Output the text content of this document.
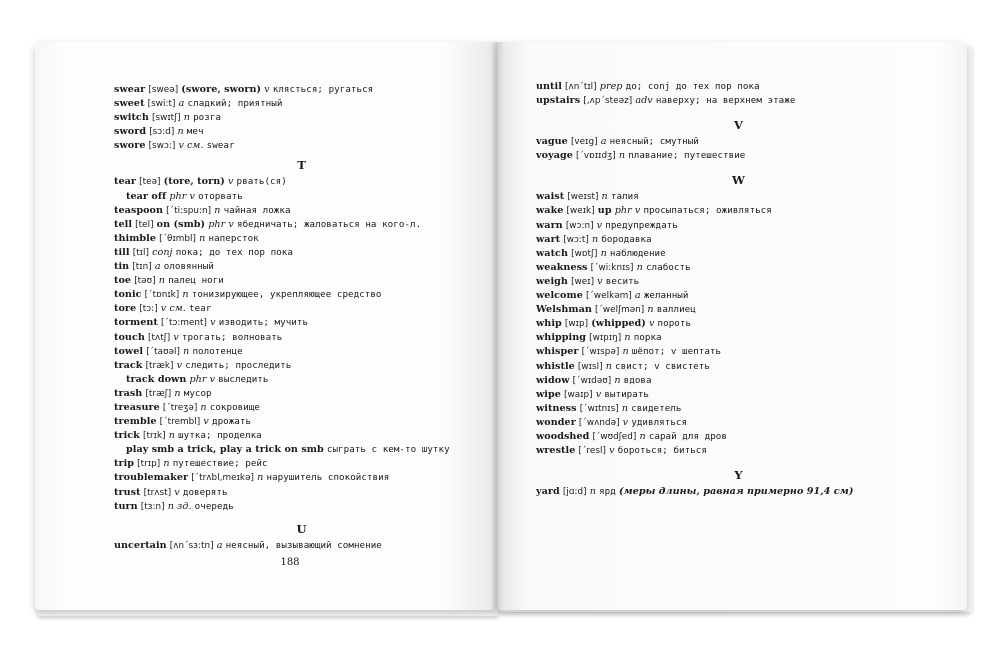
swear [sweə] (swore, sworn) v клясться; ругаться
sweet [swi:t] a сладкий; приятный
switch [swɪtʃ] n розга
sword [sɔ:d] n меч
swore [swɔ:] v см. swear
T
tear [teə] (tore, torn) v рвать(ся)
tear off phr v оторвать
teaspoon [´ti:spu:n] n чайная ложка
tell [tel] on (smb) phr v ябедничать; жаловаться на кого-л.
thimble [´θɪmbl] n наперсток
till [tɪl] conj пока; до тех пор пока
tin [tɪn] a оловянный
toe [təʊ] n палец ноги
tonic [´tɒnɪk] n тонизирующее, укрепляющее средство
tore [tɔ:] v см. tear
torment [´tɔ:ment] v изводить; мучить
touch [tʌtʃ] v трогать; волновать
towel [´taʊəl] n полотенце
track [træk] v следить; проследить
track down phr v выследить
trash [træʃ] n мусор
treasure [´treʒə] n сокровище
tremble [´trembl] v дрожать
trick [trɪk] n шутка; проделка
play smb a trick, play a trick on smb сыграть с кем-то шутку
trip [trɪp] n путешествие; рейс
troublemaker [´trʌbl,meɪkə] n нарушитель спокойствия
trust [trʌst] v доверять
turn [tɜ:n] n зд. очередь
U
uncertain [ʌn´sɜ:tn] a неясный, вызывающий сомнение
188
until [ʌn´tɪl] prep до; conj до тех пор пока
upstairs [,ʌp´steəz] adv наверху; на верхнем этаже
V
vague [veɪg] a неясный; смутный
voyage [´vɒɪɪdʒ] n плавание; путешествие
W
waist [weɪst] n талия
wake [weɪk] up phr v просыпаться; оживляться
warn [wɔ:n] v предупреждать
wart [wɔ:t] n бородавка
watch [wɒtʃ] n наблюдение
weakness [´wi:knɪs] n слабость
weigh [weɪ] v весить
welcome [´welkəm] a желанный
Welshman [´welʃmən] n валлиец
whip [wɪp] (whipped) v пороть
whipping [wɪpɪŋ] n порка
whisper [´wɪspə] n шёпот; v шептать
whistle [wɪsl] n свист; v свистеть
widow [´wɪdəʊ] n вдова
wipe [waɪp] v вытирать
witness [´wɪtnɪs] n свидетель
wonder [´wʌndə] v удивляться
woodshed [´wʊdʃed] n сарай для дров
wrestle [´resl] v бороться; биться
Y
yard [jɑ:d] n ярд (меры длины, равная примерно 91,4 см)
